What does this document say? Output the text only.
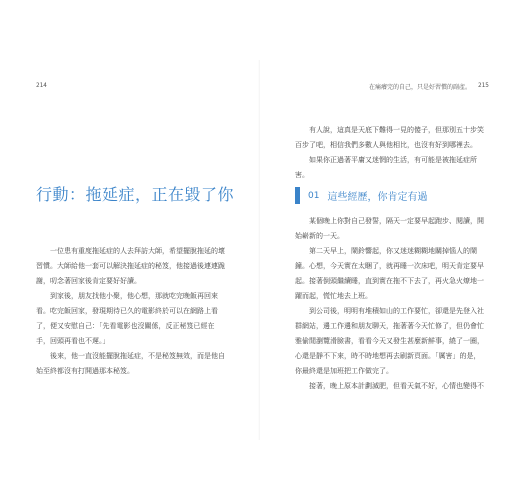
214
行動：拖延症，正在毀了你

一位患有重度拖延症的人去拜訪大師，希望擺脫拖延的壞習慣。大師給他一套可以解決拖延症的秘笈，他接過後連連跪謝，叨念著回家後肯定要好好讀。

到家後，朋友找他小聚，他心想，那就吃完晚飯再回來看。吃完飯回家，發現期待已久的電影終於可以在網路上看了，便又安慰自己：「先看電影也沒關係，反正秘笈已經在手，回頭再看也不遲。」

後來，他一直沒能擺脫拖延症，不是秘笈無效，而是他自始至終都沒有打開過那本秘笈。

在痛癢完的自己，只是好習慣的副產。 215

有人說，這真是天底下難得一見的傻子，但那別五十步笑百步了吧，相信我們多數人與他相比，也沒有好到哪裡去。

如果你正過著平庸又迷惘的生活，有可能是被拖延症所害。

01 這些經歷，你肯定有過

某個晚上你對自己發誓，隔天一定要早起跑步、閱讀，開始嶄新的一天。

第二天早上，鬧鈴響起，你又迷迷糊糊地關掉惱人的鬧鐘。心想，今天實在太睏了，就再睡一次床吧，明天肯定要早起。接著倒頭繼續睡，直到實在拖不下去了，再火急火燎地一躍而起，慌忙地去上班。

到公司後，明明有堆積如山的工作要忙，卻還是先登入社群網站，邊工作邊和朋友聊天，拖著著今天忙修了，但仍會忙雅偷閒瀏覽滑臉書，看看今天又發生甚麼新鮮事，繞了一圈，心還是靜不下來，時不時地想再去刷新頁面。「厲害」的是，你最終還是加班把工作做完了。

接著，晚上原本計劃滅肥，但看天氣不好，心情也變得不
